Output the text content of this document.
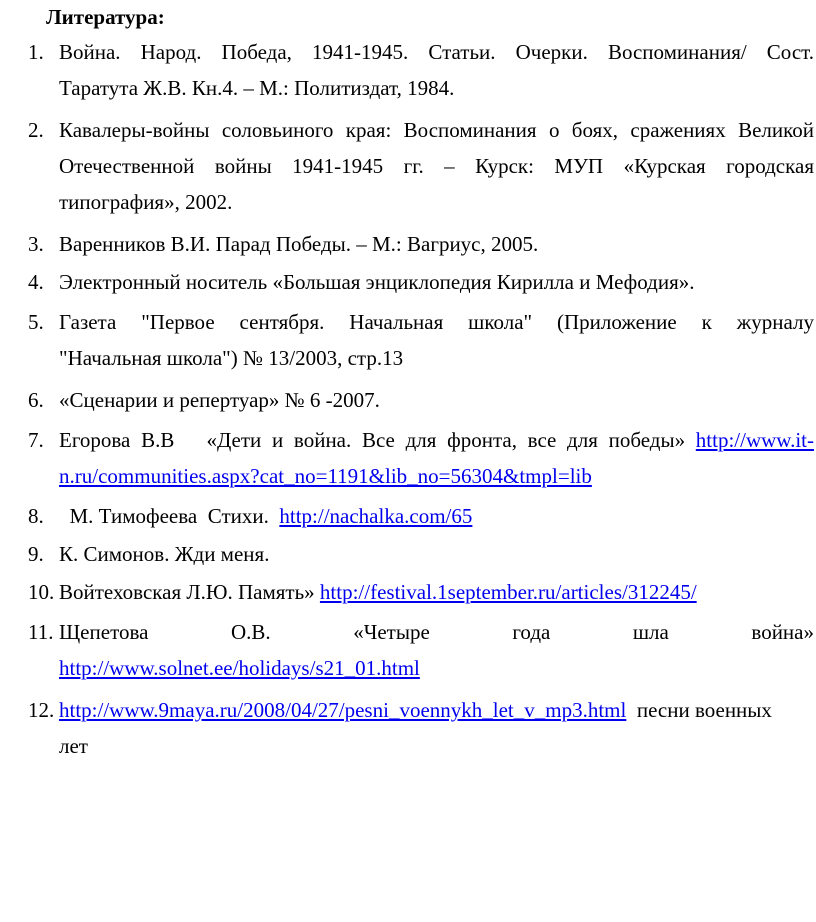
Литература:
1. Война. Народ. Победа, 1941-1945. Статьи. Очерки. Воспоминания/ Сост.
Таратута Ж.В. Кн.4. – М.: Политиздат, 1984.
2. Кавалеры-войны соловьиного края: Воспоминания о боях, сражениях Великой
Отечественной войны 1941-1945 гг. – Курск: МУП «Курская городская
типография», 2002.
3. Варенников В.И. Парад Победы. – М.: Вагриус, 2005.
4. Электронный носитель «Большая энциклопедия Кирилла и Мефодия».
5. Газета "Первое сентября. Начальная школа" (Приложение к журналу
"Начальная школа") № 13/2003, стр.13
6. «Сценарии и репертуар» № 6 -2007.
7. Егорова В.В   «Дети и война. Все для фронта, все для победы» http://www.it-
n.ru/communities.aspx?cat_no=1191&lib_no=56304&tmpl=lib
8. М. Тимофеева  Стихи.  http://nachalka.com/65
9. К. Симонов. Жди меня.
10. Войтеховская Л.Ю. Память» http://festival.1september.ru/articles/312245/
11. Щепетова О.В. «Четыре года шла война»
http://www.solnet.ee/holidays/s21_01.html
12. http://www.9maya.ru/2008/04/27/pesni_voennykh_let_v_mp3.html  песни военных
лет
